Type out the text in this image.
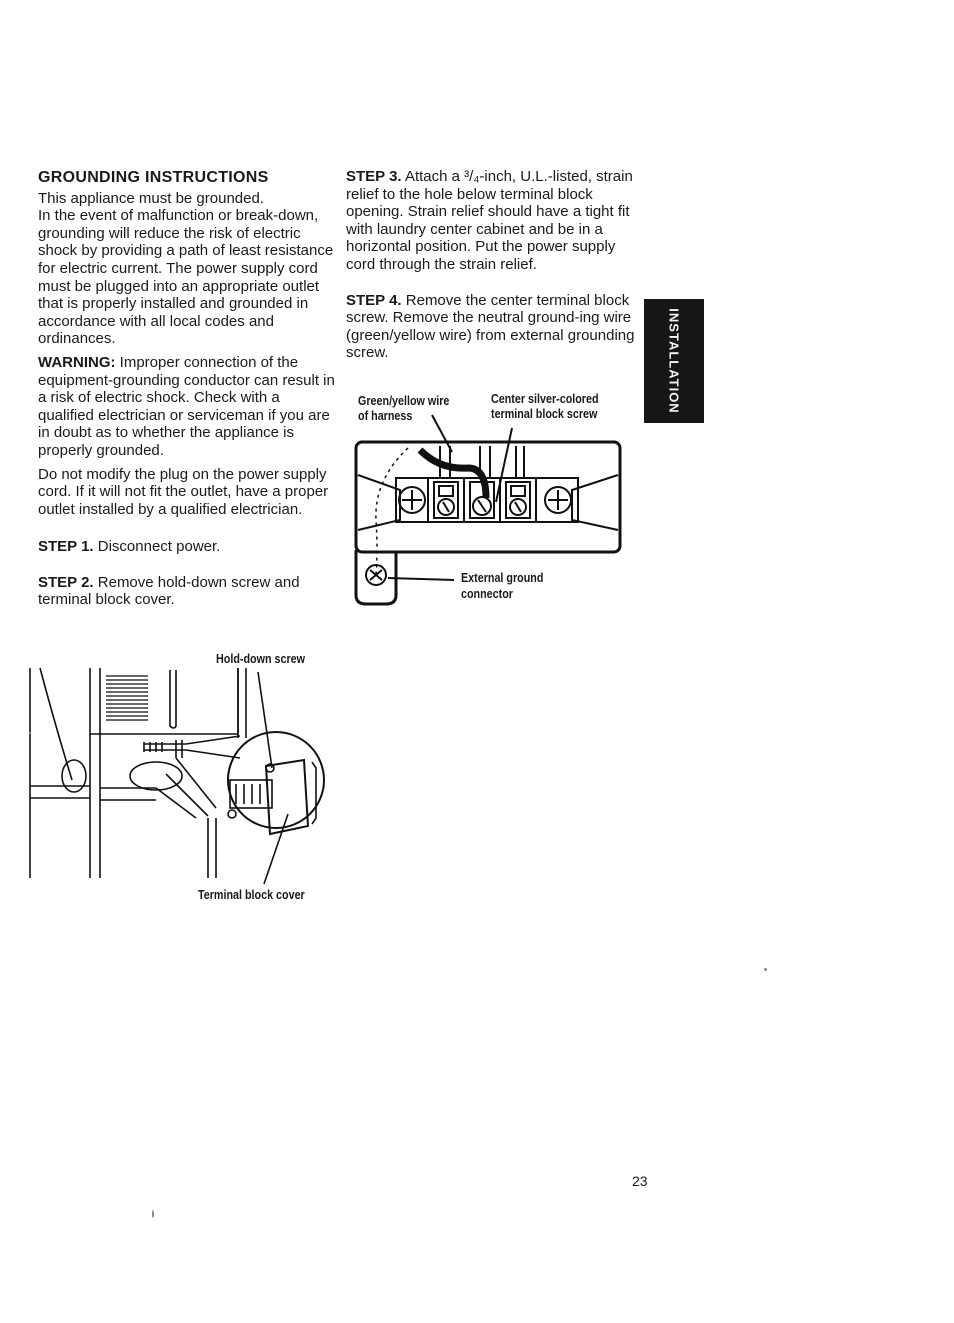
GROUNDING INSTRUCTIONS

This appliance must be grounded.

In the event of malfunction or break-down, grounding will reduce the risk of electric shock by providing a path of least resistance for electric current. The power supply cord must be plugged into an appropriate outlet that is properly installed and grounded in accordance with all local codes and ordinances.

WARNING: Improper connection of the equipment-grounding conductor can result in a risk of electric shock. Check with a qualified electrician or serviceman if you are in doubt as to whether the appliance is properly grounded.

Do not modify the plug on the power supply cord. If it will not fit the outlet, have a proper outlet installed by a qualified electrician.

STEP 1. Disconnect power.

STEP 2. Remove hold-down screw and terminal block cover.

STEP 3. Attach a ³/₄-inch, U.L.-listed, strain relief to the hole below terminal block opening. Strain relief should have a tight fit with laundry center cabinet and be in a horizontal position. Put the power supply cord through the strain relief.

STEP 4. Remove the center terminal block screw. Remove the neutral ground-ing wire (green/yellow wire) from external grounding screw.

Green/yellow wire
of harness
Center silver-colored
terminal block screw
External ground
connector
Hold-down screw
Terminal block cover
INSTALLATION
23
